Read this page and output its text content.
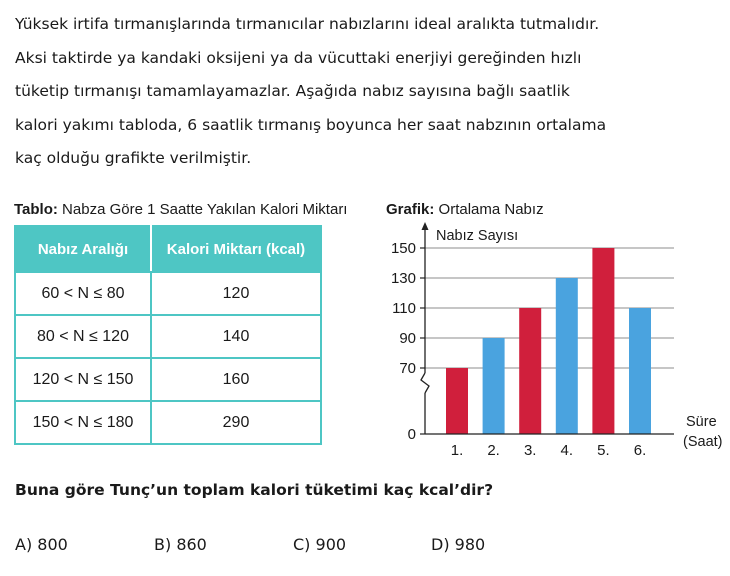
Yüksek irtifa tırmanışlarında tırmanıcılar nabızlarını ideal aralıkta tutmalıdır.
Aksi taktirde ya kandaki oksijeni ya da vücuttaki enerjiyi gereğinden hızlı
tüketip tırmanışı tamamlayamazlar. Aşağıda nabız sayısına bağlı saatlik
kalori yakımı tabloda, 6 saatlik tırmanış boyunca her saat nabzının ortalama
kaç olduğu grafikte verilmiştir.
Tablo: Nabza Göre 1 Saatte Yakılan Kalori Miktarı
Nabız Aralığı	Kalori Miktarı (kcal)
60 < N ≤ 80	120
80 < N ≤ 120	140
120 < N ≤ 150	160
150 < N ≤ 180	290
Grafik: Ortalama Nabız
Nabız Sayısı
Süre
(Saat)
0
70
90
110
130
150
1. 2. 3. 4. 5. 6.
Buna göre Tunç’un toplam kalori tüketimi kaç kcal’dir?
A) 800	B) 860	C) 900	D) 980
